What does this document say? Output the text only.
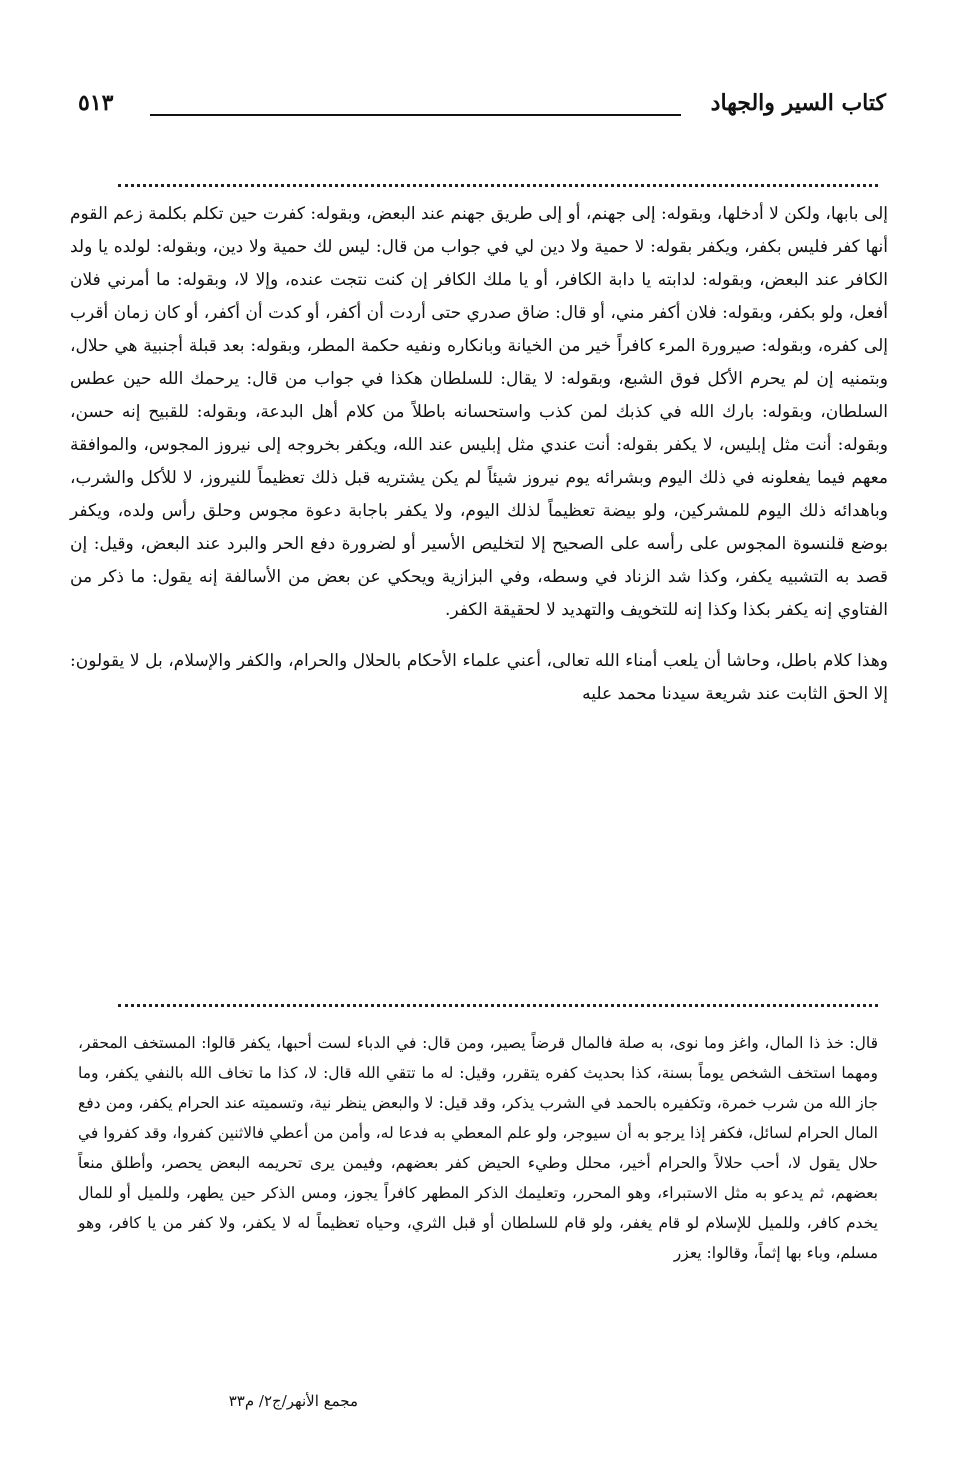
كتاب السير والجهاد
٥١٣

إلى بابها، ولكن لا أدخلها، وبقوله: إلى جهنم، أو إلى طريق جهنم عند البعض، وبقوله: كفرت حين تكلم بكلمة زعم القوم أنها كفر فليس بكفر، ويكفر بقوله: لا حمية ولا دين لي في جواب من قال: ليس لك حمية ولا دين، وبقوله: لولده يا ولد الكافر عند البعض، وبقوله: لدابته يا دابة الكافر، أو يا ملك الكافر إن كنت نتجت عنده، وإلا لا، وبقوله: ما أمرني فلان أفعل، ولو بكفر، وبقوله: فلان أكفر مني، أو قال: ضاق صدري حتى أردت أن أكفر، أو كدت أن أكفر، أو كان زمان أقرب إلى كفره، وبقوله: صيرورة المرء كافراً خير من الخيانة وبانكاره ونفيه حكمة المطر، وبقوله: بعد قبلة أجنبية هي حلال، وبتمنيه إن لم يحرم الأكل فوق الشبع، وبقوله: لا يقال: للسلطان هكذا في جواب من قال: يرحمك الله حين عطس السلطان، وبقوله: بارك الله في كذبك لمن كذب واستحسانه باطلاً من كلام أهل البدعة، وبقوله: للقبيح إنه حسن، وبقوله: أنت مثل إبليس، لا يكفر بقوله: أنت عندي مثل إبليس عند الله، ويكفر بخروجه إلى نيروز المجوس، والموافقة معهم فيما يفعلونه في ذلك اليوم وبشرائه يوم نيروز شيئاً لم يكن يشتريه قبل ذلك تعظيماً للنيروز، لا للأكل والشرب، وباهدائه ذلك اليوم للمشركين، ولو بيضة تعظيماً لذلك اليوم، ولا يكفر باجابة دعوة مجوس وحلق رأس ولده، ويكفر بوضع قلنسوة المجوس على رأسه على الصحيح إلا لتخليص الأسير أو لضرورة دفع الحر والبرد عند البعض، وقيل: إن قصد به التشبيه يكفر، وكذا شد الزناد في وسطه، وفي البزازية ويحكي عن بعض من الأسالفة إنه يقول: ما ذكر من الفتاوي إنه يكفر بكذا وكذا إنه للتخويف والتهديد لا لحقيقة الكفر.

وهذا كلام باطل، وحاشا أن يلعب أمناء الله تعالى، أعني علماء الأحكام بالحلال والحرام، والكفر والإسلام، بل لا يقولون: إلا الحق الثابت عند شريعة سيدنا محمد عليه

قال: خذ ذا المال، واغز وما نوى، به صلة فالمال قرضاً يصير، ومن قال: في الدباء لست أحبها، يكفر قالوا: المستخف المحقر، ومهما استخف الشخص يوماً بسنة، كذا بحديث كفره يتقرر، وقيل: له ما تتقي الله قال: لا، كذا ما تخاف الله بالنفي يكفر، وما جاز الله من شرب خمرة، وتكفيره بالحمد في الشرب يذكر، وقد قيل: لا والبعض ينظر نية، وتسميته عند الحرام يكفر، ومن دفع المال الحرام لسائل، فكفر إذا يرجو به أن سيوجر، ولو علم المعطي به فدعا له، وأمن من أعطي فالاثنين كفروا، وقد كفروا في حلال يقول لا، أحب حلالاً والحرام أخير، محلل وطيء الحيض كفر بعضهم، وفيمن يرى تحريمه البعض يحصر، وأطلق منعاً بعضهم، ثم يدعو به مثل الاستبراء، وهو المحرر، وتعليمك الذكر المطهر كافراً يجوز، ومس الذكر حين يطهر، وللميل أو للمال يخدم كافر، وللميل للإسلام لو قام يغفر، ولو قام للسلطان أو قبل الثري، وحياه تعظيماً له لا يكفر، ولا كفر من يا كافر، وهو مسلم، وباء بها إثماً، وقالوا: يعزر

مجمع الأنهر/ج٢/ م٣٣
